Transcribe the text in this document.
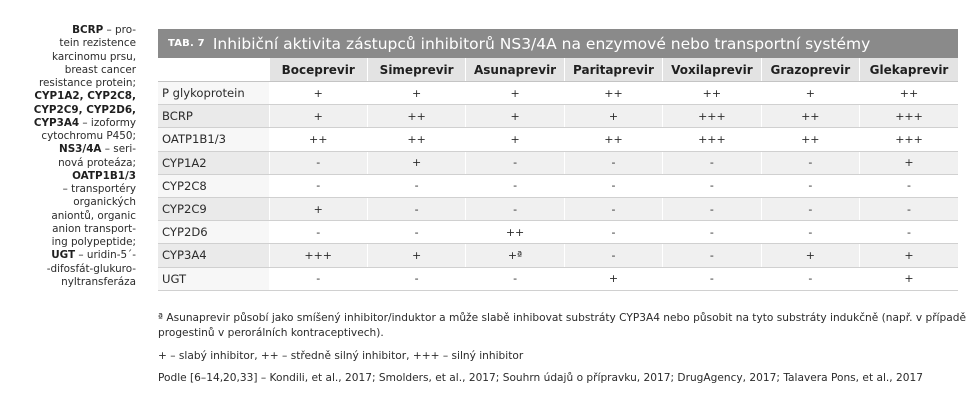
BCRP – pro-
tein rezistence
karcinomu prsu,
breast cancer
resistance protein;
CYP1A2, CYP2C8,
CYP2C9, CYP2D6,
CYP3A4 – izoformy
cytochromu P450;
NS3/4A – seri-
nová proteáza;
OATP1B1/3
– transportéry
organických
aniontů, organic
anion transport-
ing polypeptide;
UGT – uridin-5´-
-difosfát-glukuro-
nyltransferáza
TAB. 7 Inhibiční aktivita zástupců inhibitorů NS3/4A na enzymové nebo transportní systémy
	Boceprevir	Simeprevir	Asunaprevir	Paritaprevir	Voxilaprevir	Grazoprevir	Glekaprevir
P glykoprotein	+	+	+	++	++	+	++
BCRP	+	++	+	+	+++	++	+++
OATP1B1/3	++	++	+	++	+++	++	+++
CYP1A2	-	+	-	-	-	-	+
CYP2C8	-	-	-	-	-	-	-
CYP2C9	+	-	-	-	-	-	-
CYP2D6	-	-	++	-	-	-	-
CYP3A4	+++	+	+ª	-	-	+	+
UGT	-	-	-	+	-	-	+

ª Asunaprevir působí jako smíšený inhibitor/induktor a může slabě inhibovat substráty CYP3A4 nebo působit na tyto substráty indukčně (např. v případě progestinů v perorálních kontraceptivech).

+ – slabý inhibitor, ++ – středně silný inhibitor, +++ – silný inhibitor

Podle [6–14,20,33] – Kondili, et al., 2017; Smolders, et al., 2017; Souhrn údajů o přípravku, 2017; DrugAgency, 2017; Talavera Pons, et al., 2017
